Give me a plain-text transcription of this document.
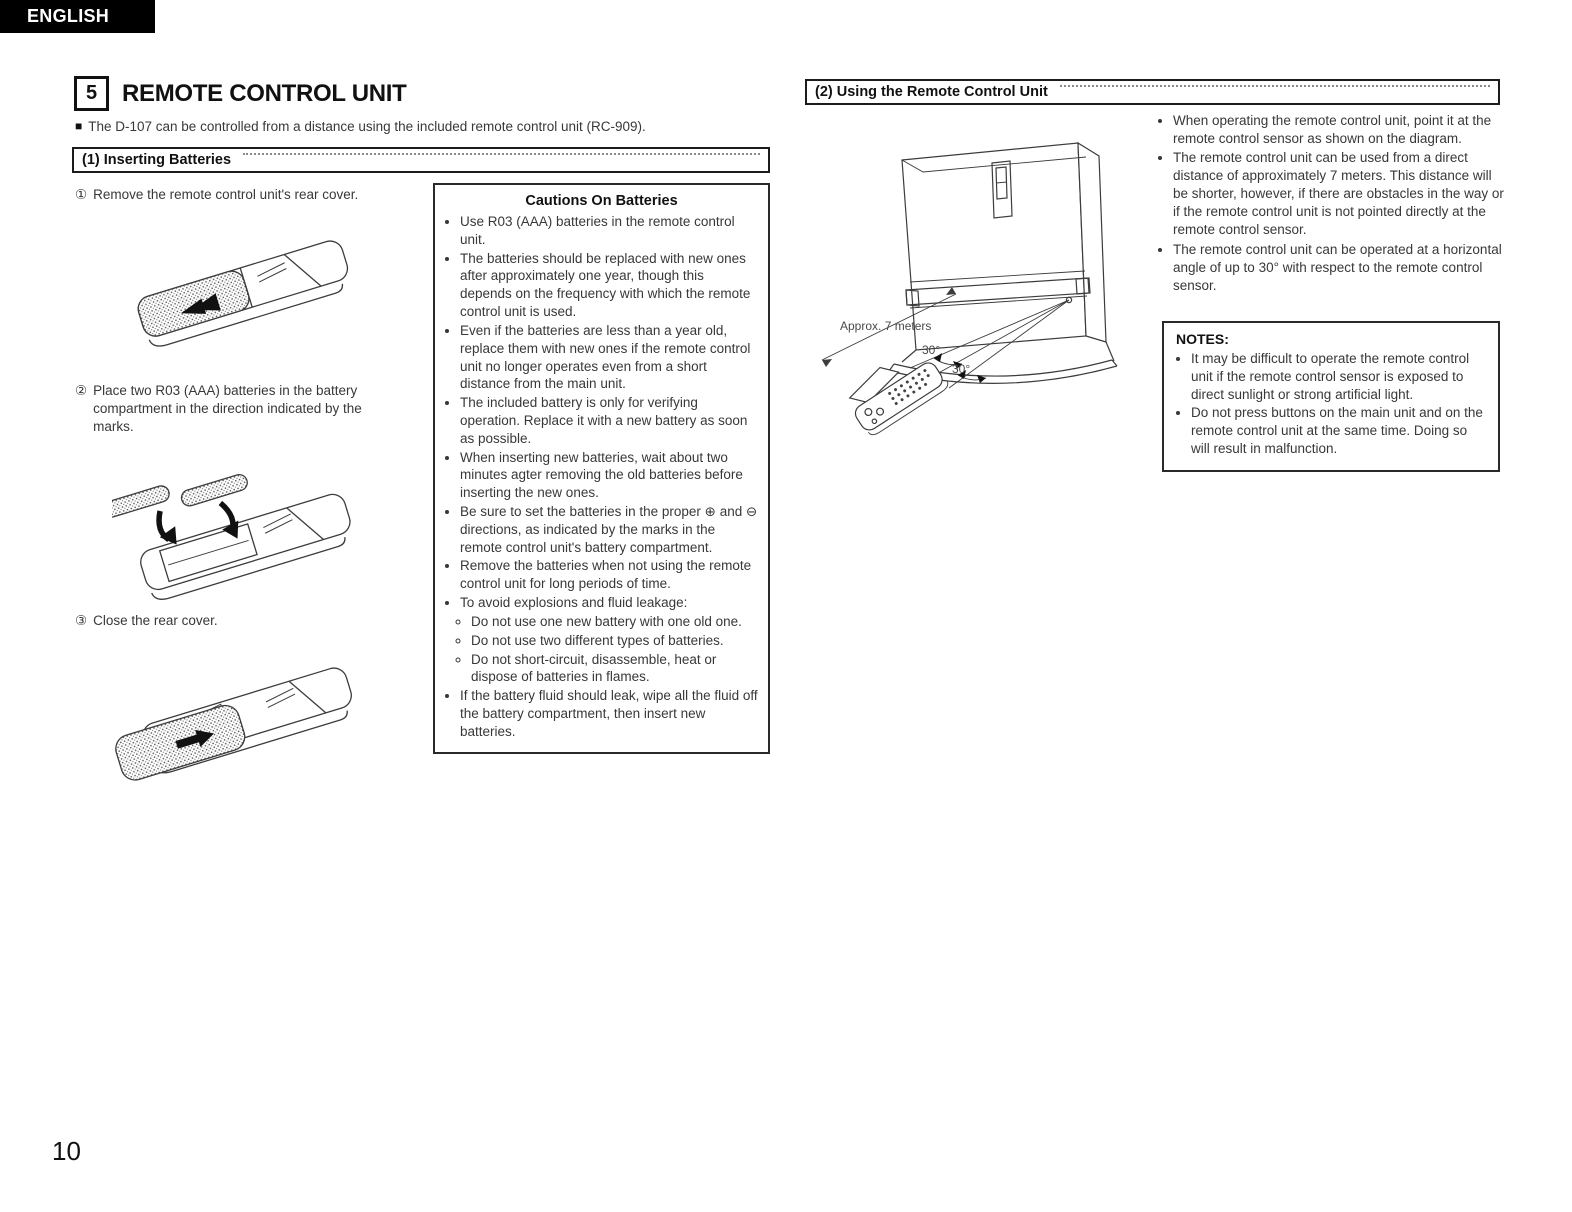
ENGLISH
5	REMOTE CONTROL UNIT
■ The D-107 can be controlled from a distance using the included remote control unit (RC-909).
(1) Inserting Batteries
① Remove the remote control unit's rear cover.
② Place two R03 (AAA) batteries in the battery compartment in the direction indicated by the marks.
③ Close the rear cover.
Cautions On Batteries
• Use R03 (AAA) batteries in the remote control unit.
• The batteries should be replaced with new ones after approximately one year, though this depends on the frequency with which the remote control unit is used.
• Even if the batteries are less than a year old, replace them with new ones if the remote control unit no longer operates even from a short distance from the main unit.
• The included battery is only for verifying operation. Replace it with a new battery as soon as possible.
• When inserting new batteries, wait about two minutes agter removing the old batteries before inserting the new ones.
• Be sure to set the batteries in the proper ⊕ and ⊖ directions, as indicated by the marks in the remote control unit's battery compartment.
• Remove the batteries when not using the remote control unit for long periods of time.
• To avoid explosions and fluid leakage:
◦ Do not use one new battery with one old one.
◦ Do not use two different types of batteries.
◦ Do not short-circuit, disassemble, heat or dispose of batteries in flames.
• If the battery fluid should leak, wipe all the fluid off the battery compartment, then insert new batteries.
(2) Using the Remote Control Unit
Approx. 7 meters
30°
30°
• When operating the remote control unit, point it at the remote control sensor as shown on the diagram.
• The remote control unit can be used from a direct distance of approximately 7 meters. This distance will be shorter, however, if there are obstacles in the way or if the remote control unit is not pointed directly at the remote control sensor.
• The remote control unit can be operated at a horizontal angle of up to 30° with respect to the remote control sensor.
NOTES:
• It may be difficult to operate the remote control unit if the remote control sensor is exposed to direct sunlight or strong artificial light.
• Do not press buttons on the main unit and on the remote control unit at the same time. Doing so will result in malfunction.
10
